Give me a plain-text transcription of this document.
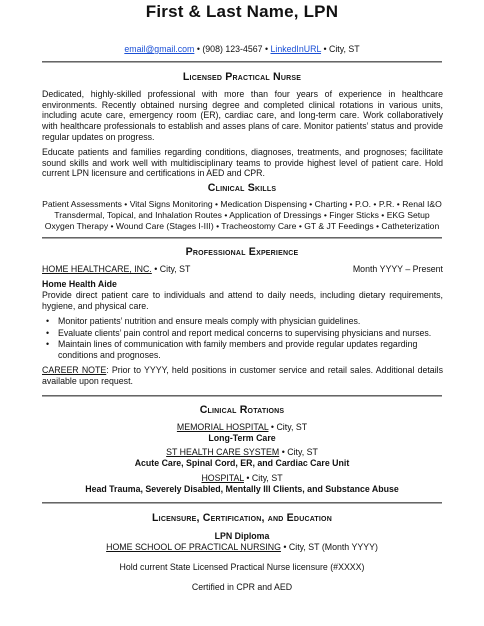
First & Last Name, LPN
email@gmail.com • (908) 123-4567 • LinkedInURL • City, ST
Licensed Practical Nurse
Dedicated, highly-skilled professional with more than four years of experience in healthcare environments. Recently obtained nursing degree and completed clinical rotations in various units, including acute care, emergency room (ER), cardiac care, and long-term care. Work collaboratively with healthcare professionals to establish and asses plans of care. Monitor patients’ status and provide regular updates on progress.
Educate patients and families regarding conditions, diagnoses, treatments, and prognoses; facilitate sound skills and work well with multidisciplinary teams to provide highest level of patient care. Hold current LPN licensure and certifications in AED and CPR.
Clinical Skills
Patient Assessments • Vital Signs Monitoring • Medication Dispensing • Charting • P.O. • P.R. • Renal I&O
Transdermal, Topical, and Inhalation Routes • Application of Dressings • Finger Sticks • EKG Setup
Oxygen Therapy • Wound Care (Stages I-III) • Tracheostomy Care • GT & JT Feedings • Catheterization
Professional Experience
HOME HEALTHCARE, INC. • City, ST	Month YYYY – Present
Home Health Aide
Provide direct patient care to individuals and attend to daily needs, including dietary requirements, hygiene, and physical care.
• Monitor patients’ nutrition and ensure meals comply with physician guidelines.
• Evaluate clients’ pain control and report medical concerns to supervising physicians and nurses.
• Maintain lines of communication with family members and provide regular updates regarding conditions and prognoses.
CAREER NOTE: Prior to YYYY, held positions in customer service and retail sales. Additional details available upon request.
Clinical Rotations
MEMORIAL HOSPITAL • City, ST
Long-Term Care
ST HEALTH CARE SYSTEM • City, ST
Acute Care, Spinal Cord, ER, and Cardiac Care Unit
HOSPITAL • City, ST
Head Trauma, Severely Disabled, Mentally Ill Clients, and Substance Abuse
Licensure, Certification, and Education
LPN Diploma
HOME SCHOOL OF PRACTICAL NURSING • City, ST (Month YYYY)
Hold current State Licensed Practical Nurse licensure (#XXXX)
Certified in CPR and AED
